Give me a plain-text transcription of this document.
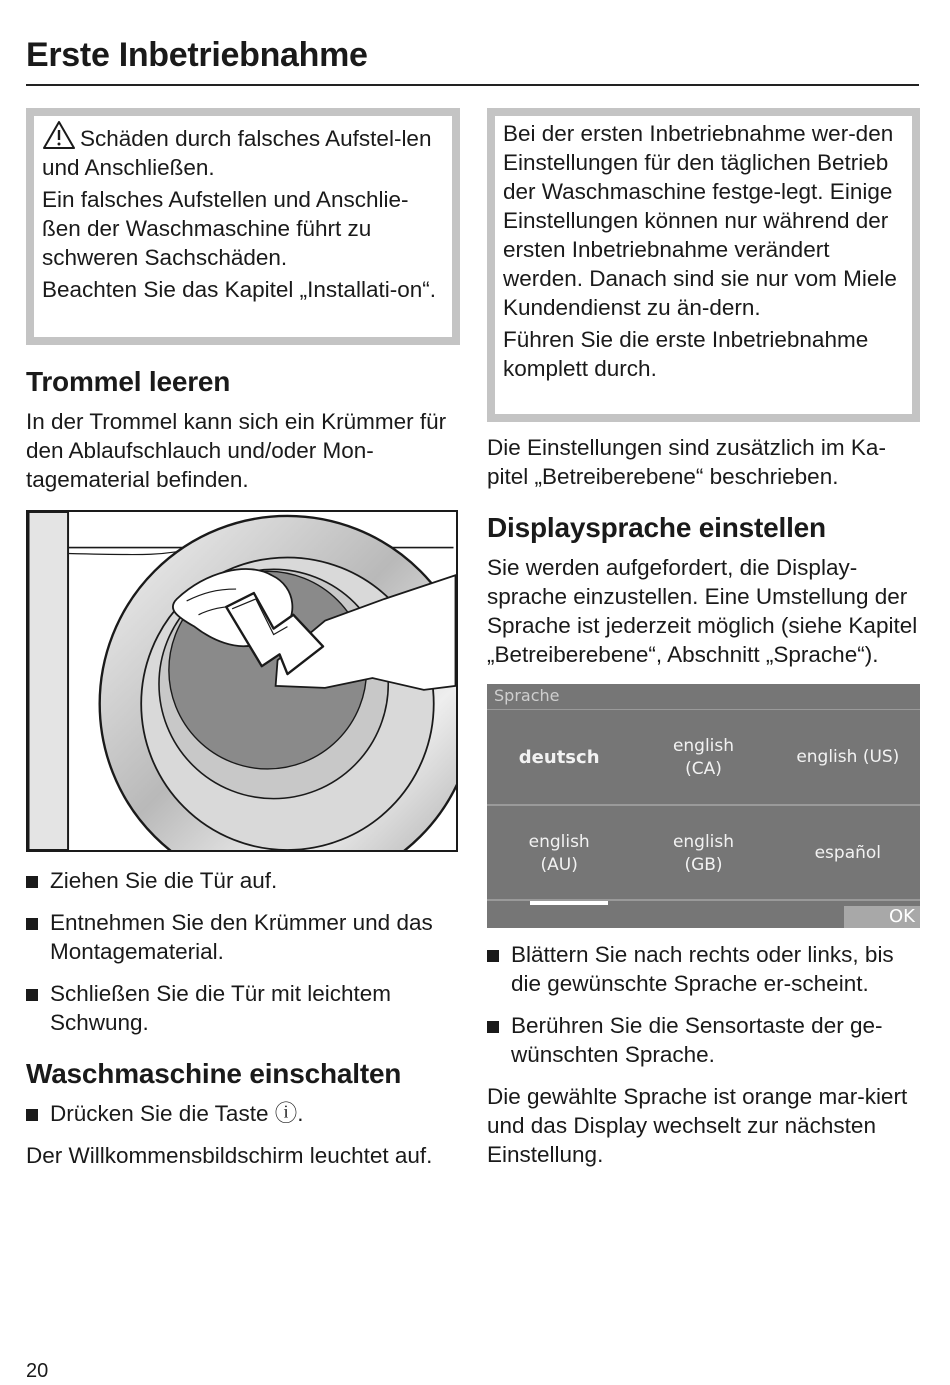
Erste Inbetriebnahme

Schäden durch falsches Aufstel-len und Anschließen.

Ein falsches Aufstellen und Anschlie-ßen der Waschmaschine führt zu schweren Sachschäden.

Beachten Sie das Kapitel „Installati-on“.

Trommel leeren

In der Trommel kann sich ein Krümmer für den Ablaufschlauch und/oder Mon-tagematerial befinden.

Ziehen Sie die Tür auf.
Entnehmen Sie den Krümmer und das Montagematerial.
Schließen Sie die Tür mit leichtem Schwung.
Waschmaschine einschalten
Drücken Sie die Taste ⓘ.

Der Willkommensbildschirm leuchtet auf.

Bei der ersten Inbetriebnahme wer-den Einstellungen für den täglichen Betrieb der Waschmaschine festge-legt. Einige Einstellungen können nur während der ersten Inbetriebnahme verändert werden. Danach sind sie nur vom Miele Kundendienst zu än-dern.

Führen Sie die erste Inbetriebnahme komplett durch.

Die Einstellungen sind zusätzlich im Ka-pitel „Betreiberebene“ beschrieben.

Displaysprache einstellen

Sie werden aufgefordert, die Display-sprache einzustellen. Eine Umstellung der Sprache ist jederzeit möglich (siehe Kapitel „Betreiberebene“, Abschnitt „Sprache“).

Sprache
deutsch
english
(CA)
english (US)
english
(AU)
english
(GB)
español
OK
Blättern Sie nach rechts oder links, bis die gewünschte Sprache er-scheint.
Berühren Sie die Sensortaste der ge-wünschten Sprache.

Die gewählte Sprache ist orange mar-kiert und das Display wechselt zur nächsten Einstellung.

20
